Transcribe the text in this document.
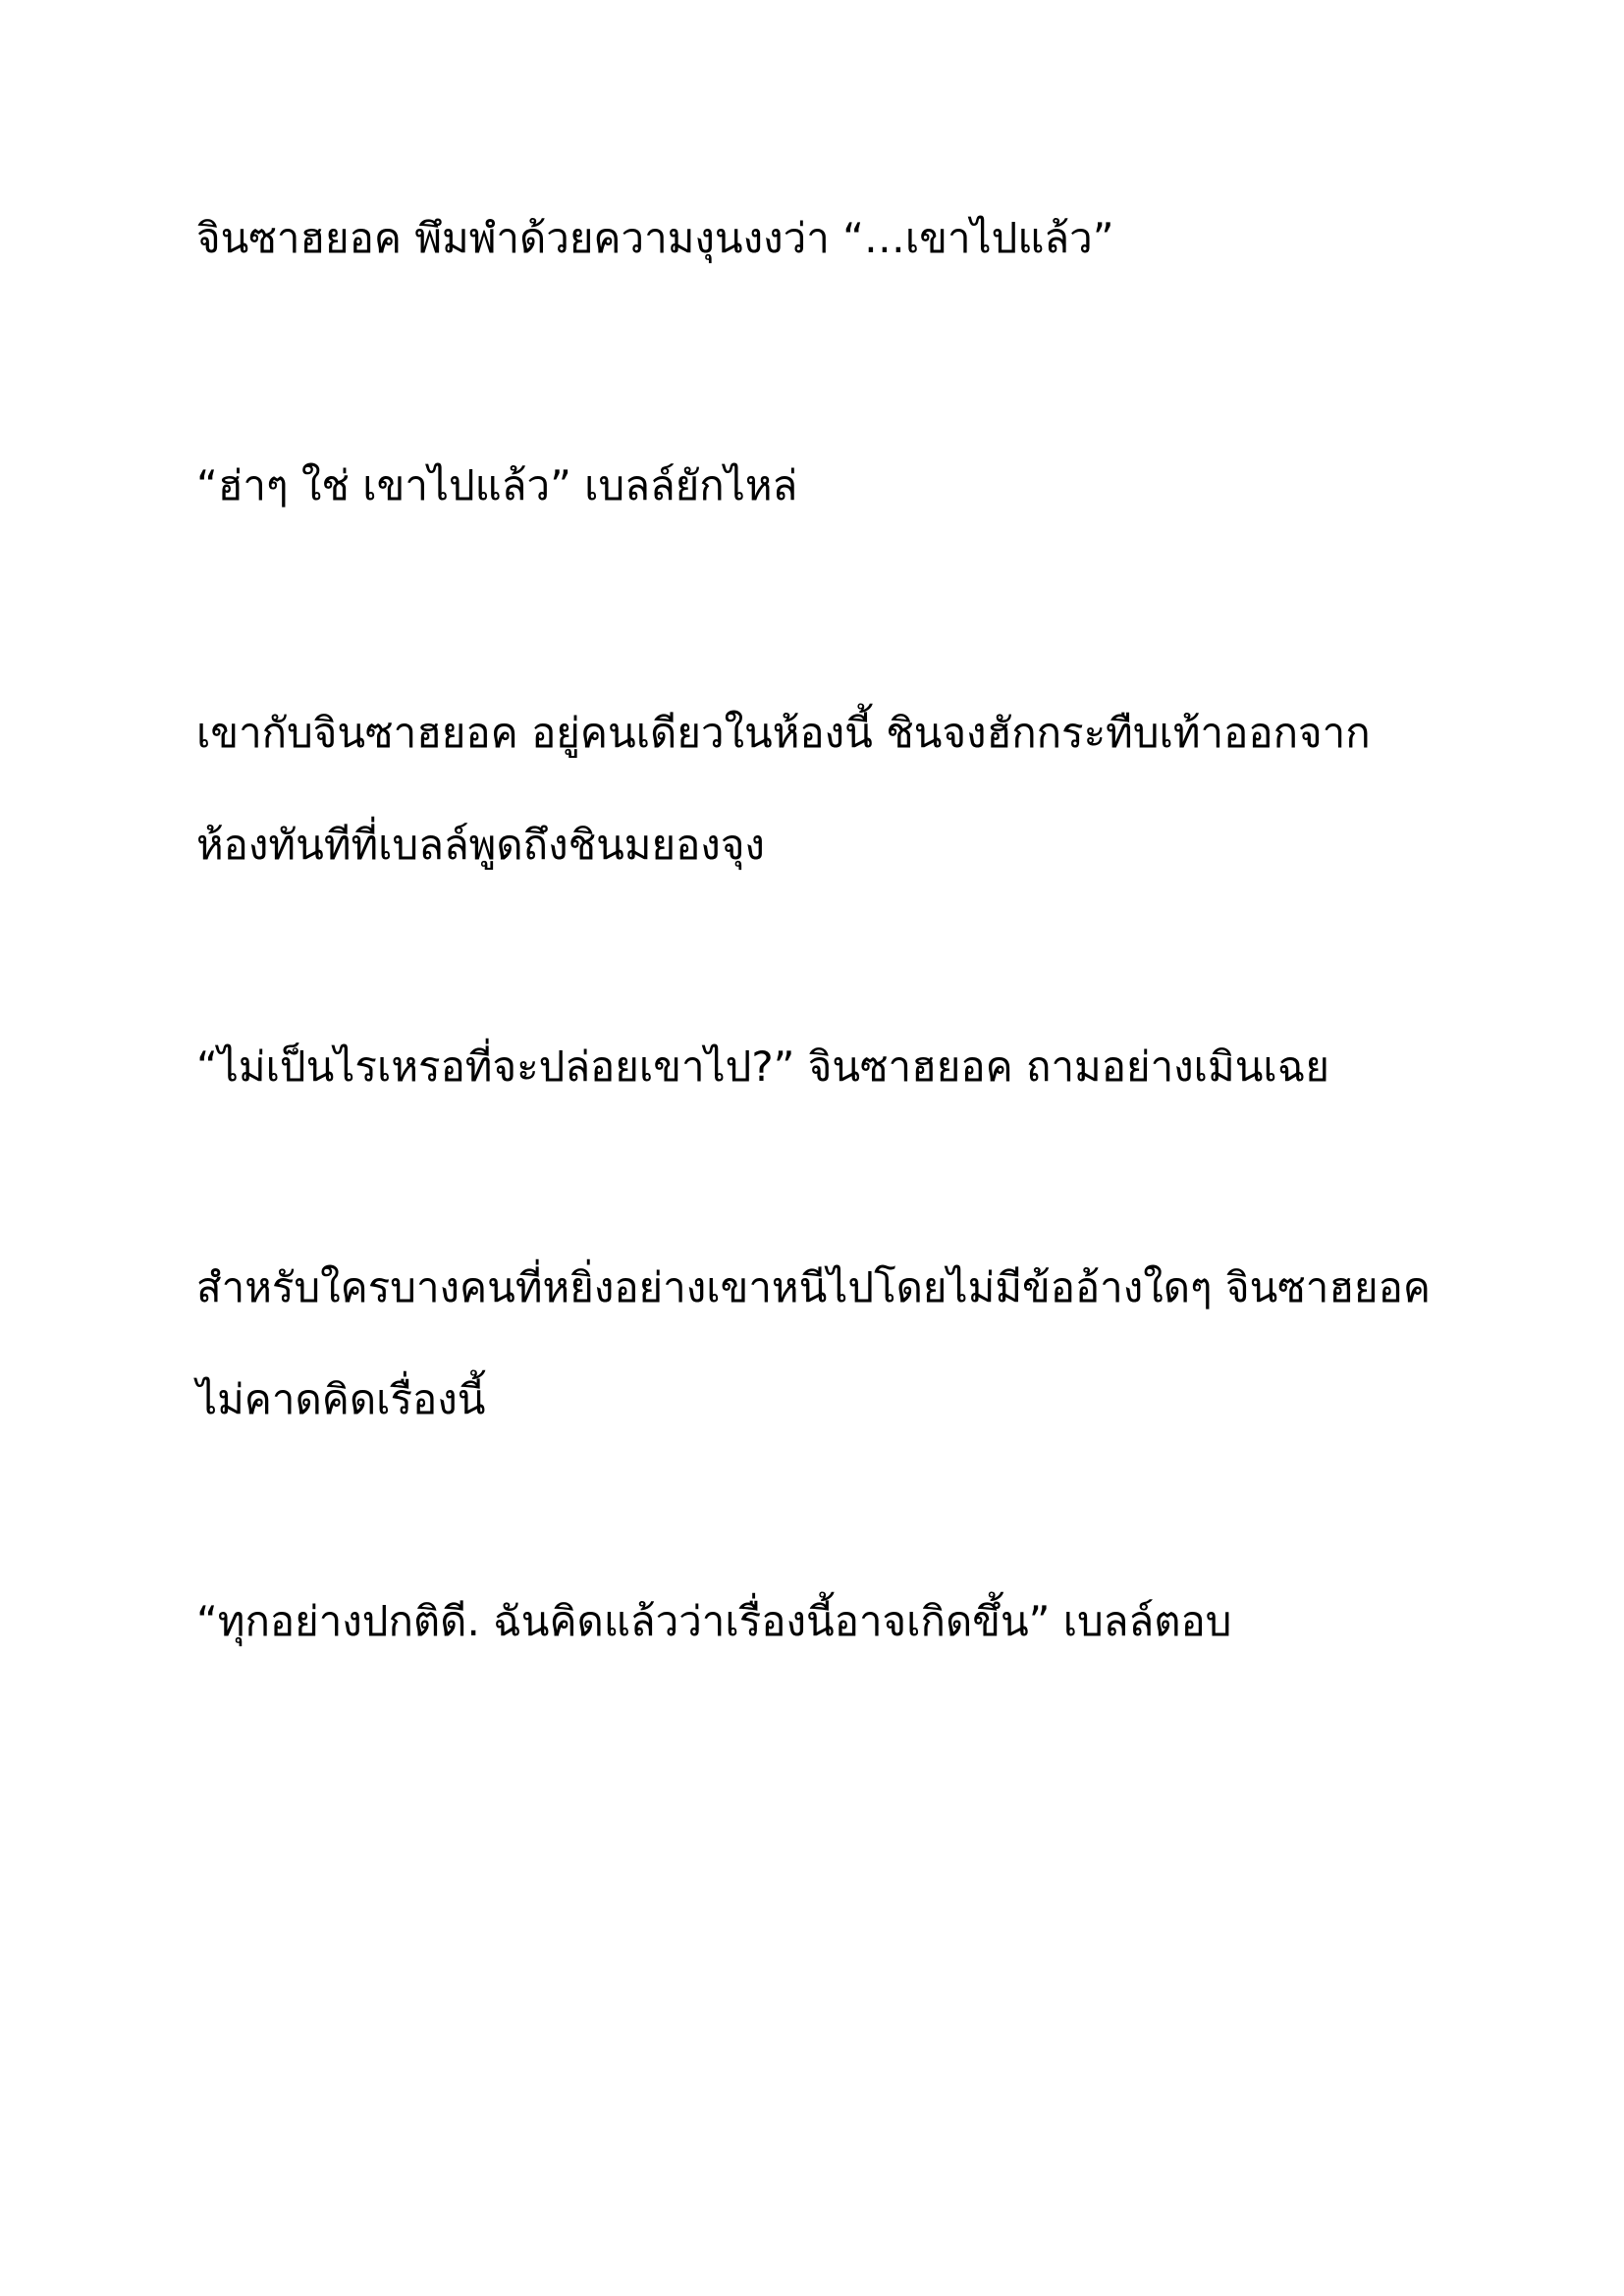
จินซาฮยอค พึมพำด้วยความงุนงงว่า “…เขาไปแล้ว”

“ฮ่าๆ ใช่ เขาไปแล้ว” เบลล์ยักไหล่

เขากับจินซาฮยอค อยู่คนเดียวในห้องนี้ ชินจงฮักกระทืบเท้าออกจาก
ห้องทันทีที่เบลล์พูดถึงชินมยองจุง

“ไม่เป็นไรเหรอที่จะปล่อยเขาไป?” จินซาฮยอค ถามอย่างเมินเฉย

สำหรับใครบางคนที่หยิ่งอย่างเขาหนีไปโดยไม่มีข้ออ้างใดๆ จินซาฮยอค
ไม่คาดคิดเรื่องนี้

“ทุกอย่างปกติดี. ฉันคิดแล้วว่าเรื่องนี้อาจเกิดขึ้น” เบลล์ตอบ
